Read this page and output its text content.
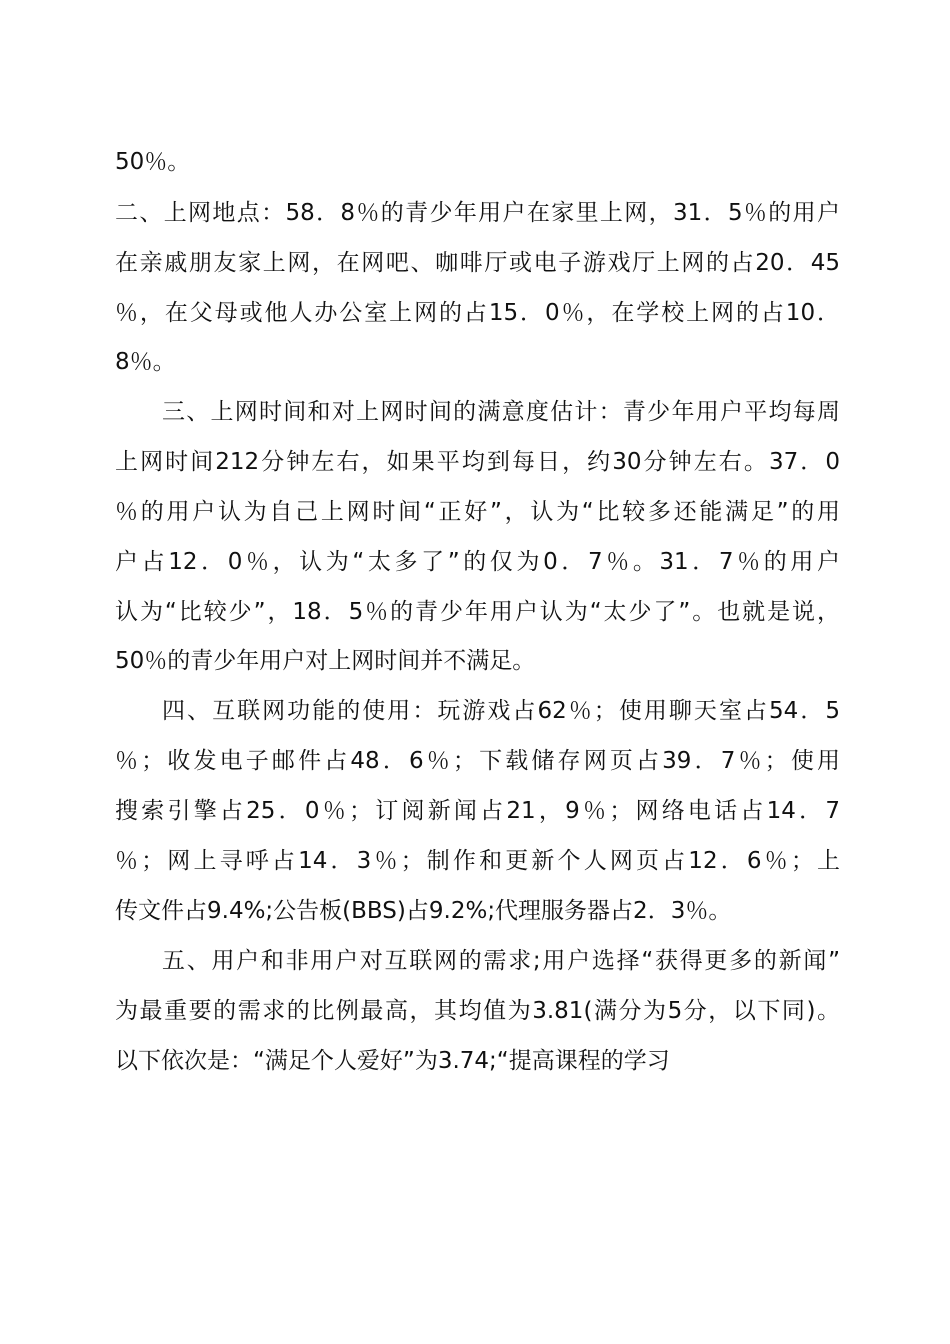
50％。
二、上网地点：58．8％的青少年用户在家里上网，31．5％的用户
在亲戚朋友家上网，在网吧、咖啡厅或电子游戏厅上网的占20．45
％，在父母或他人办公室上网的占15．0％，在学校上网的占10．
8％。
三、上网时间和对上网时间的满意度估计：青少年用户平均每周
上网时间212分钟左右，如果平均到每日，约30分钟左右。37．0
％的用户认为自己上网时间“正好”，认为“比较多还能满足”的用
户占12．0％，认为“太多了”的仅为0．7％。31．7％的用户
认为“比较少”，18．5％的青少年用户认为“太少了”。也就是说，
50％的青少年用户对上网时间并不满足。
四、互联网功能的使用：玩游戏占62％；使用聊天室占54．5
％；收发电子邮件占48．6％；下载储存网页占39．7％；使用
搜索引擎占25．0％；订阅新闻占21，9％；网络电话占14．7
％；网上寻呼占14．3％；制作和更新个人网页占12．6％；上
传文件占9.4%;公告板(BBS)占9.2%;代理服务器占2．3％。
五、用户和非用户对互联网的需求;用户选择“获得更多的新闻”
为最重要的需求的比例最高，其均值为3.81(满分为5分，以下同)。
以下依次是：“满足个人爱好”为3.74;“提高课程的学习
